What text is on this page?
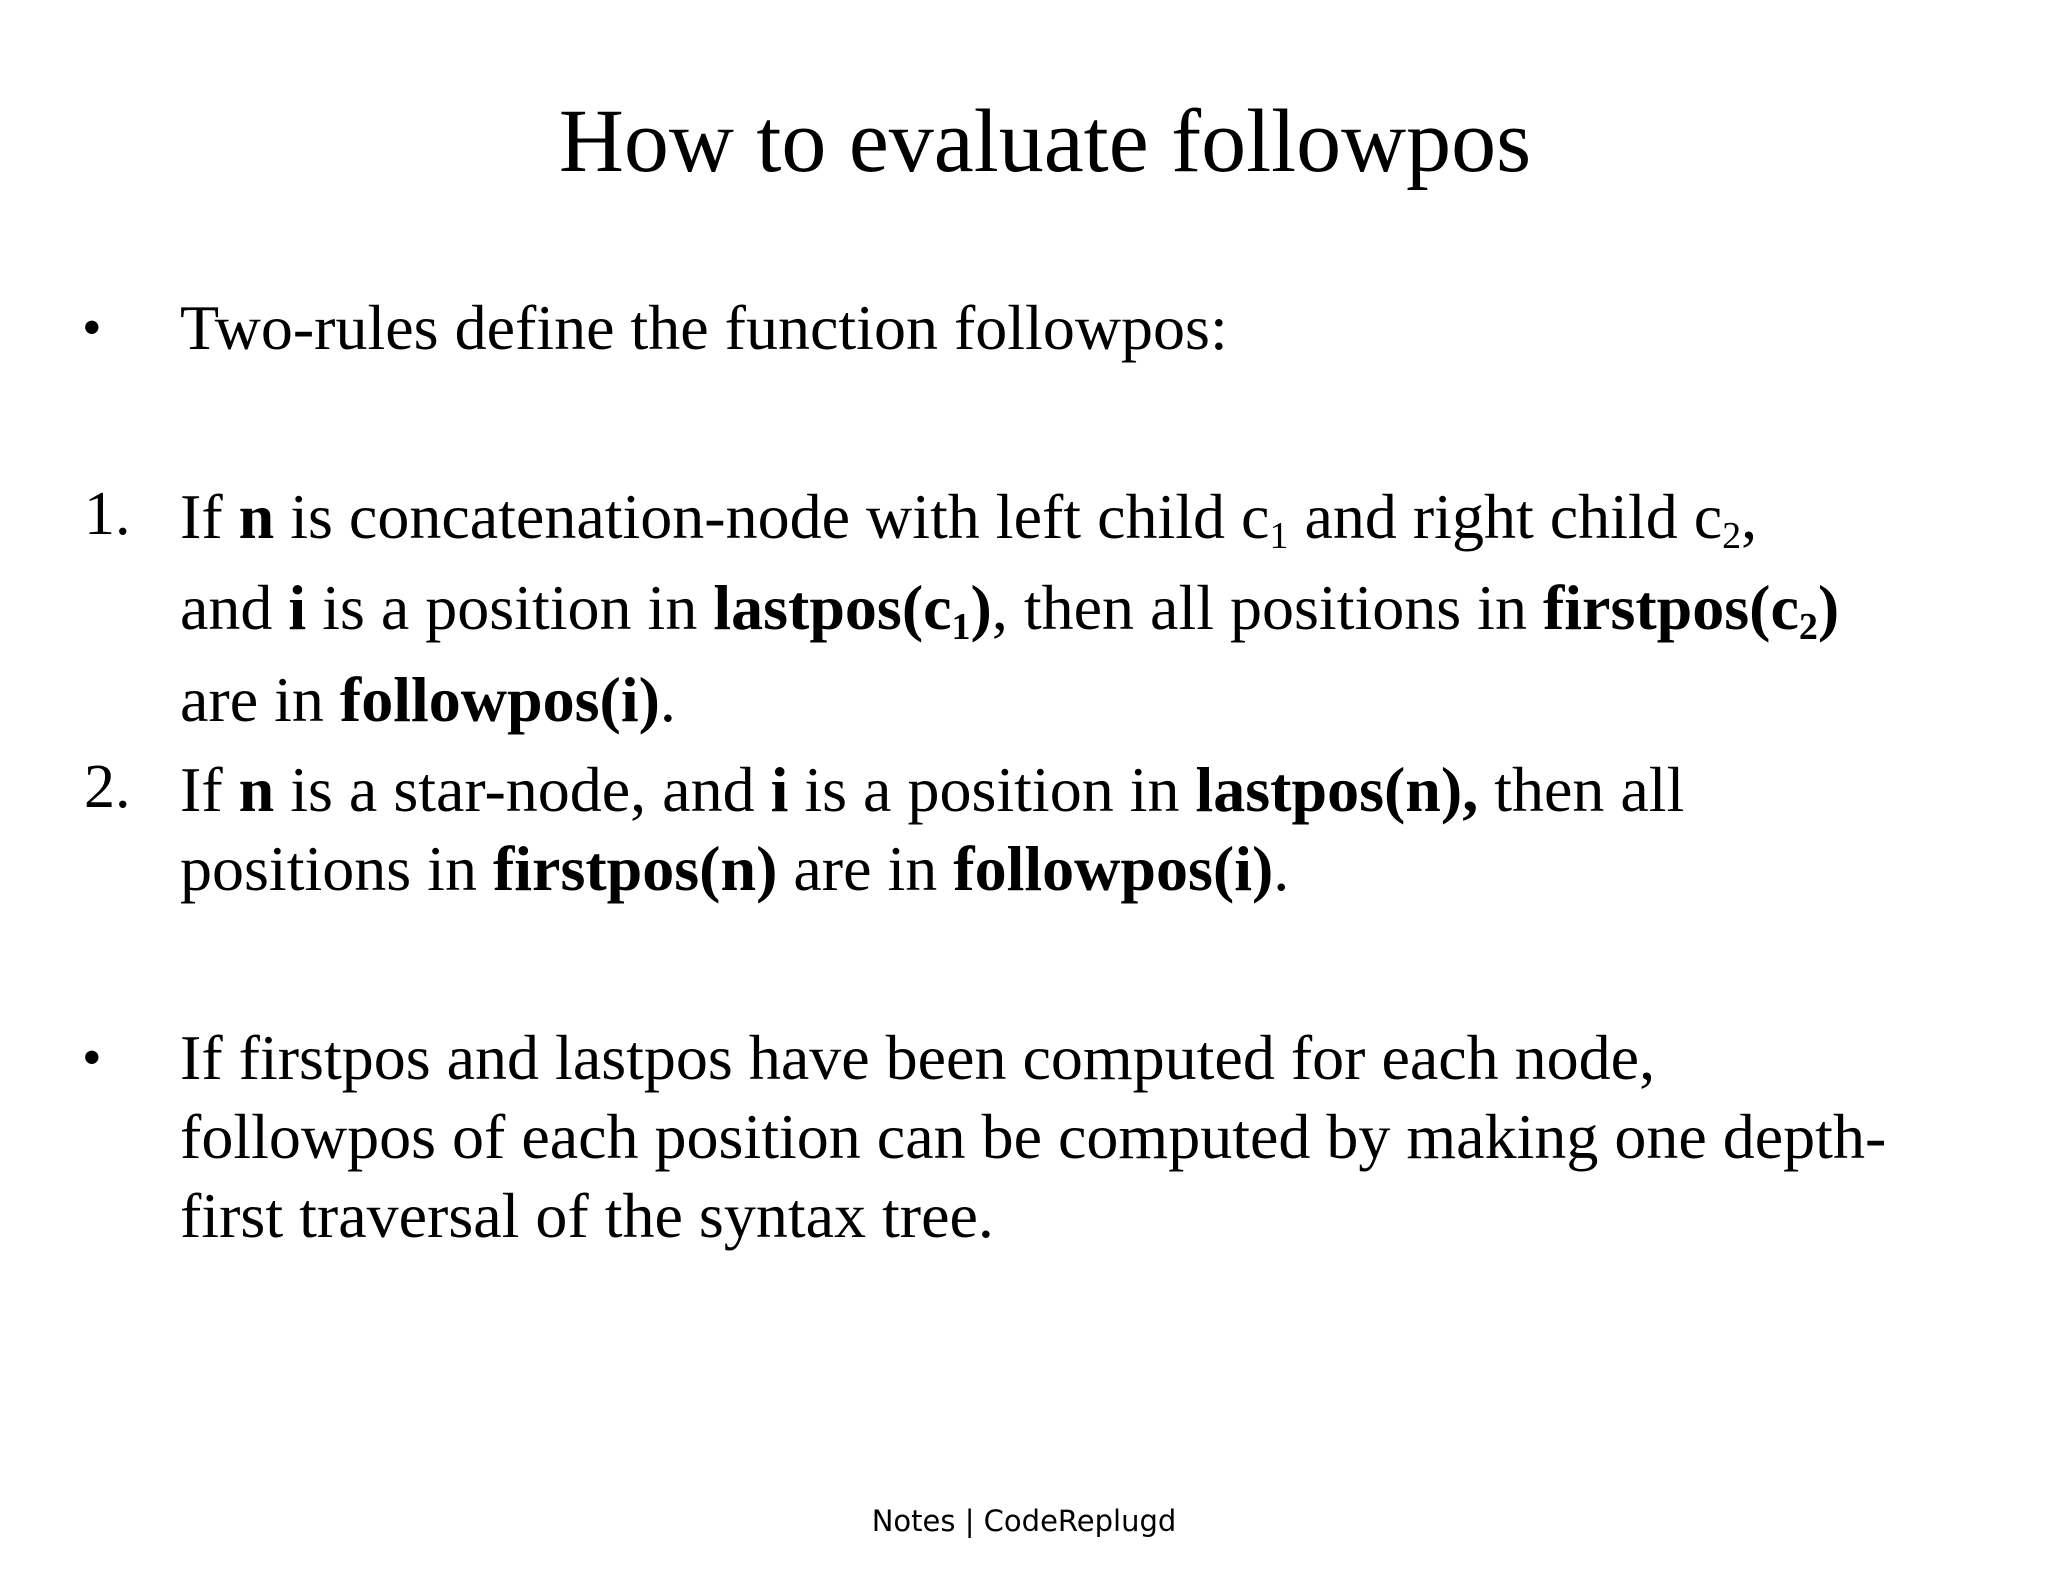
How to evaluate followpos
• Two-rules define the function followpos:
1. If n is concatenation-node with left child $c_1$ and right child $c_2$,
and i is a position in $lastpos(c_1)$, then all positions in $firstpos(c_2)$
are in followpos(i).
2. If n is a star-node, and i is a position in lastpos(n), then all
positions in firstpos(n) are in followpos(i).
• If firstpos and lastpos have been computed for each node,
followpos of each position can be computed by making one depth-
first traversal of the syntax tree.
Notes | CodeReplugd
